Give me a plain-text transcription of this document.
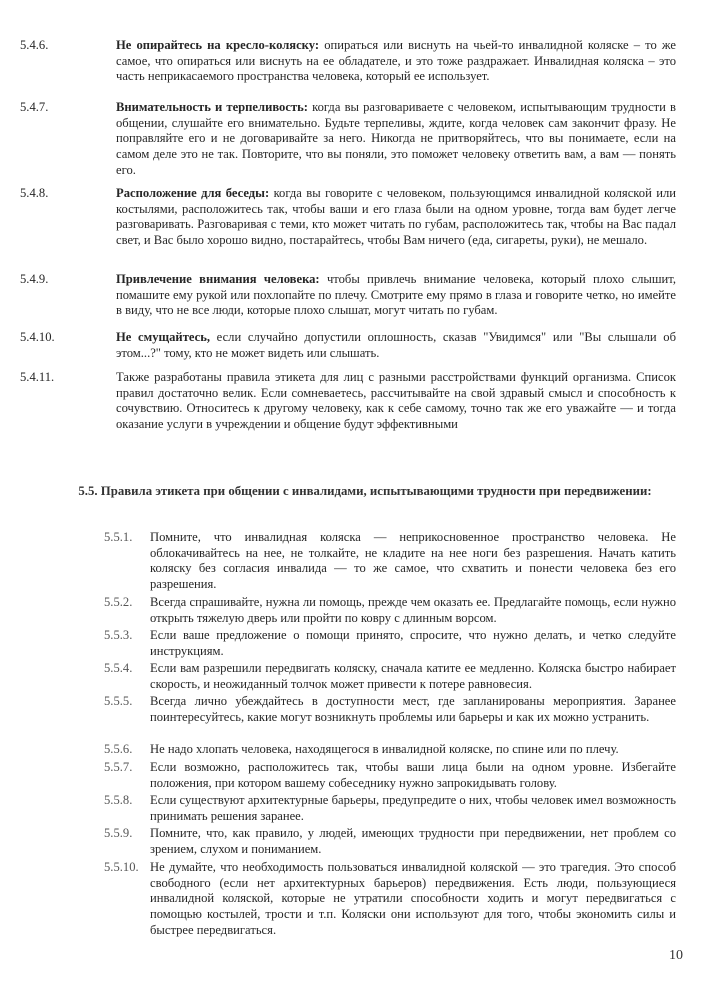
5.4.6.	Не опирайтесь на кресло-коляску: опираться или виснуть на чьей-то инвалидной коляске – то же самое, что опираться или виснуть на ее обладателе, и это тоже раздражает. Инвалидная коляска – это часть неприкасаемого пространства человека, который ее использует.
5.4.7.	Внимательность и терпеливость: когда вы разговариваете с человеком, испытывающим трудности в общении, слушайте его внимательно. Будьте терпеливы, ждите, когда человек сам закончит фразу. Не поправляйте его и не договаривайте за него. Никогда не притворяйтесь, что вы понимаете, если на самом деле это не так. Повторите, что вы поняли, это поможет человеку ответить вам, а вам — понять его.
5.4.8.	Расположение для беседы: когда вы говорите с человеком, пользующимся инвалидной коляской или костылями, расположитесь так, чтобы ваши и его глаза были на одном уровне, тогда вам будет легче разговаривать. Разговаривая с теми, кто может читать по губам, расположитесь так, чтобы на Вас падал свет, и Вас было хорошо видно, постарайтесь, чтобы Вам ничего (еда, сигареты, руки), не мешало.
5.4.9.	Привлечение внимания человека: чтобы привлечь внимание человека, который плохо слышит, помашите ему рукой или похлопайте по плечу. Смотрите ему прямо в глаза и говорите четко, но имейте в виду, что не все люди, которые плохо слышат, могут читать по губам.
5.4.10.	Не смущайтесь, если случайно допустили оплошность, сказав "Увидимся" или "Вы слышали об этом...?" тому, кто не может видеть или слышать.
5.4.11.	Также разработаны правила этикета для лиц с разными расстройствами функций организма. Список правил достаточно велик. Если сомневаетесь, рассчитывайте на свой здравый смысл и способность к сочувствию. Относитесь к другому человеку, как к себе самому, точно так же его уважайте — и тогда оказание услуги в учреждении и общение будут эффективными
5.5. Правила этикета при общении с инвалидами, испытывающими трудности при передвижении:
5.5.1. Помните, что инвалидная коляска — неприкосновенное пространство человека. Не облокачивайтесь на нее, не толкайте, не кладите на нее ноги без разрешения. Начать катить коляску без согласия инвалида — то же самое, что схватить и понести человека без его разрешения.
5.5.2. Всегда спрашивайте, нужна ли помощь, прежде чем оказать ее. Предлагайте помощь, если нужно открыть тяжелую дверь или пройти по ковру с длинным ворсом.
5.5.3. Если ваше предложение о помощи принято, спросите, что нужно делать, и четко следуйте инструкциям.
5.5.4. Если вам разрешили передвигать коляску, сначала катите ее медленно. Коляска быстро набирает скорость, и неожиданный толчок может привести к потере равновесия.
5.5.5. Всегда лично убеждайтесь в доступности мест, где запланированы мероприятия. Заранее поинтересуйтесь, какие могут возникнуть проблемы или барьеры и как их можно устранить.
5.5.6. Не надо хлопать человека, находящегося в инвалидной коляске, по спине или по плечу.
5.5.7. Если возможно, расположитесь так, чтобы ваши лица были на одном уровне. Избегайте положения, при котором вашему собеседнику нужно запрокидывать голову.
5.5.8. Если существуют архитектурные барьеры, предупредите о них, чтобы человек имел возможность принимать решения заранее.
5.5.9. Помните, что, как правило, у людей, имеющих трудности при передвижении, нет проблем со зрением, слухом и пониманием.
5.5.10. Не думайте, что необходимость пользоваться инвалидной коляской — это трагедия. Это способ свободного (если нет архитектурных барьеров) передвижения. Есть люди, пользующиеся инвалидной коляской, которые не утратили способности ходить и могут передвигаться с помощью костылей, трости и т.п. Коляски они используют для того, чтобы экономить силы и быстрее передвигаться.
10
